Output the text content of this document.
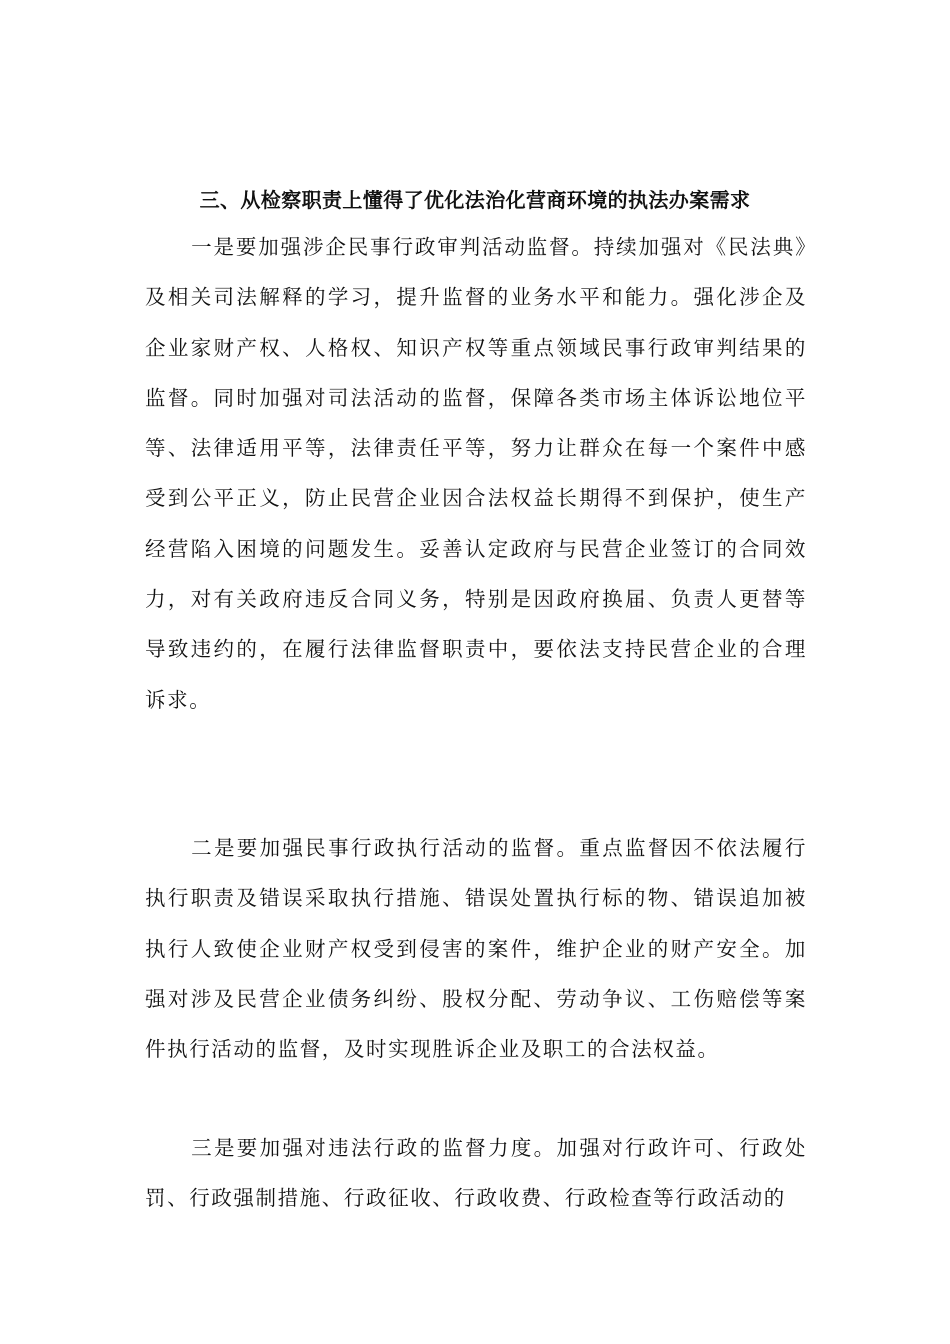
三、从检察职责上懂得了优化法治化营商环境的执法办案需求

一是要加强涉企民事行政审判活动监督。持续加强对《民法典》及相关司法解释的学习，提升监督的业务水平和能力。强化涉企及企业家财产权、人格权、知识产权等重点领域民事行政审判结果的监督。同时加强对司法活动的监督，保障各类市场主体诉讼地位平等、法律适用平等，法律责任平等，努力让群众在每一个案件中感受到公平正义，防止民营企业因合法权益长期得不到保护，使生产经营陷入困境的问题发生。妥善认定政府与民营企业签订的合同效力，对有关政府违反合同义务，特别是因政府换届、负责人更替等导致违约的，在履行法律监督职责中，要依法支持民营企业的合理诉求。

二是要加强民事行政执行活动的监督。重点监督因不依法履行执行职责及错误采取执行措施、错误处置执行标的物、错误追加被执行人致使企业财产权受到侵害的案件，维护企业的财产安全。加强对涉及民营企业债务纠纷、股权分配、劳动争议、工伤赔偿等案件执行活动的监督，及时实现胜诉企业及职工的合法权益。

三是要加强对违法行政的监督力度。加强对行政许可、行政处罚、行政强制措施、行政征收、行政收费、行政检查等行政活动的
